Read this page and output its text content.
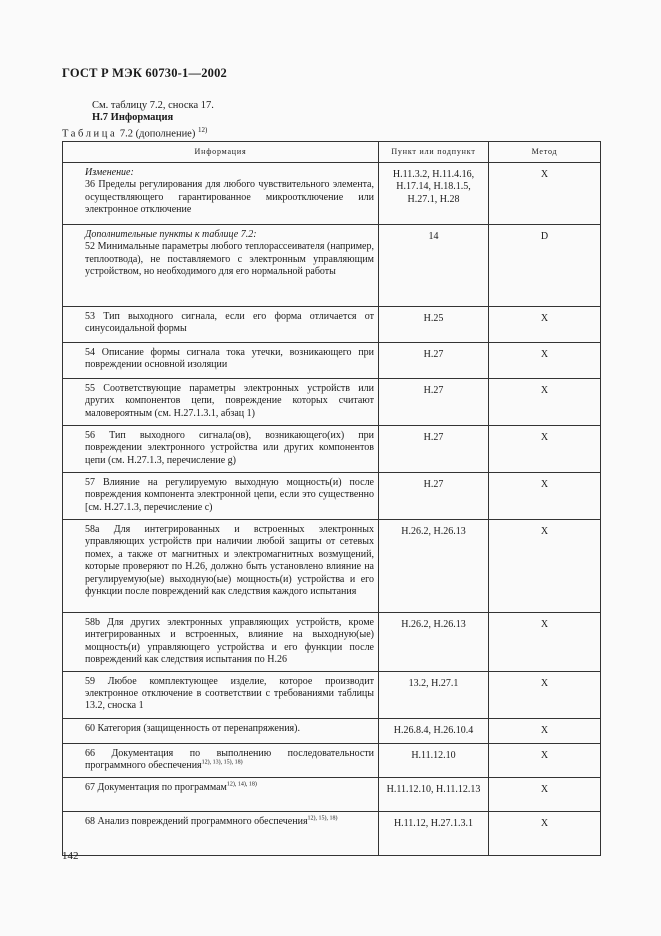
ГОСТ Р МЭК 60730-1—2002
См. таблицу 7.2, сноска 17.
Н.7 Информация
Таблица 7.2 (дополнение) $^{12)}$
Информация	Пункт или подпункт	Метод

Изменение:
36 Пределы регулирования для любого чувствительного элемента, осуществляющего гарантированное микроотключение или электронное отключение	Н.11.3.2, Н.11.4.16, Н.17.14, Н.18.1.5, Н.27.1, Н.28	X

Дополнительные пункты к таблице 7.2:
52 Минимальные параметры любого теплорассеивателя (например, теплоотвода), не поставляемого с электронным управляющим устройством, но необходимого для его нормальной работы	14	D

53 Тип выходного сигнала, если его форма отличается от синусоидальной формы	Н.25	X

54 Описание формы сигнала тока утечки, возникающего при повреждении основной изоляции	Н.27	X

55 Соответствующие параметры электронных устройств или других компонентов цепи, повреждение которых считают маловероятным (см. Н.27.1.3.1, абзац 1)	Н.27	X

56 Тип выходного сигнала(ов), возникающего(их) при повреждении электронного устройства или других компонентов цепи (см. Н.27.1.3, перечисление g)	Н.27	X

57 Влияние на регулируемую выходную мощность(и) после повреждения компонента электронной цепи, если это существенно [см. Н.27.1.3, перечисление с)	Н.27	X

58а Для интегрированных и встроенных электронных управляющих устройств при наличии любой защиты от сетевых помех, а также от магнитных и электромагнитных возмущений, которые проверяют по Н.26, должно быть установлено влияние на регулируемую(ые) выходную(ые) мощность(и) устройства и его функции после повреждений как следствия каждого испытания	Н.26.2, Н.26.13	X

58b Для других электронных управляющих устройств, кроме интегрированных и встроенных, влияние на выходную(ые) мощность(и) управляющего устройства и его функции после повреждений как следствия испытания по Н.26	Н.26.2, Н.26.13	X

59 Любое комплектующее изделие, которое производит электронное отключение в соответствии с требованиями таблицы 13.2, сноска 1	13.2, Н.27.1	X

60 Категория (защищенность от перенапряжения).	Н.26.8.4, Н.26.10.4	X

66 Документация по выполнению последовательности программного обеспечения$^{12), 13), 15), 18)}$	Н.11.12.10	X

67 Документация по программам$^{12), 14), 18)}$	Н.11.12.10, Н.11.12.13	X

68 Анализ повреждений программного обеспечения$^{12), 15), 18)}$	Н.11.12, Н.27.1.3.1	X
142
